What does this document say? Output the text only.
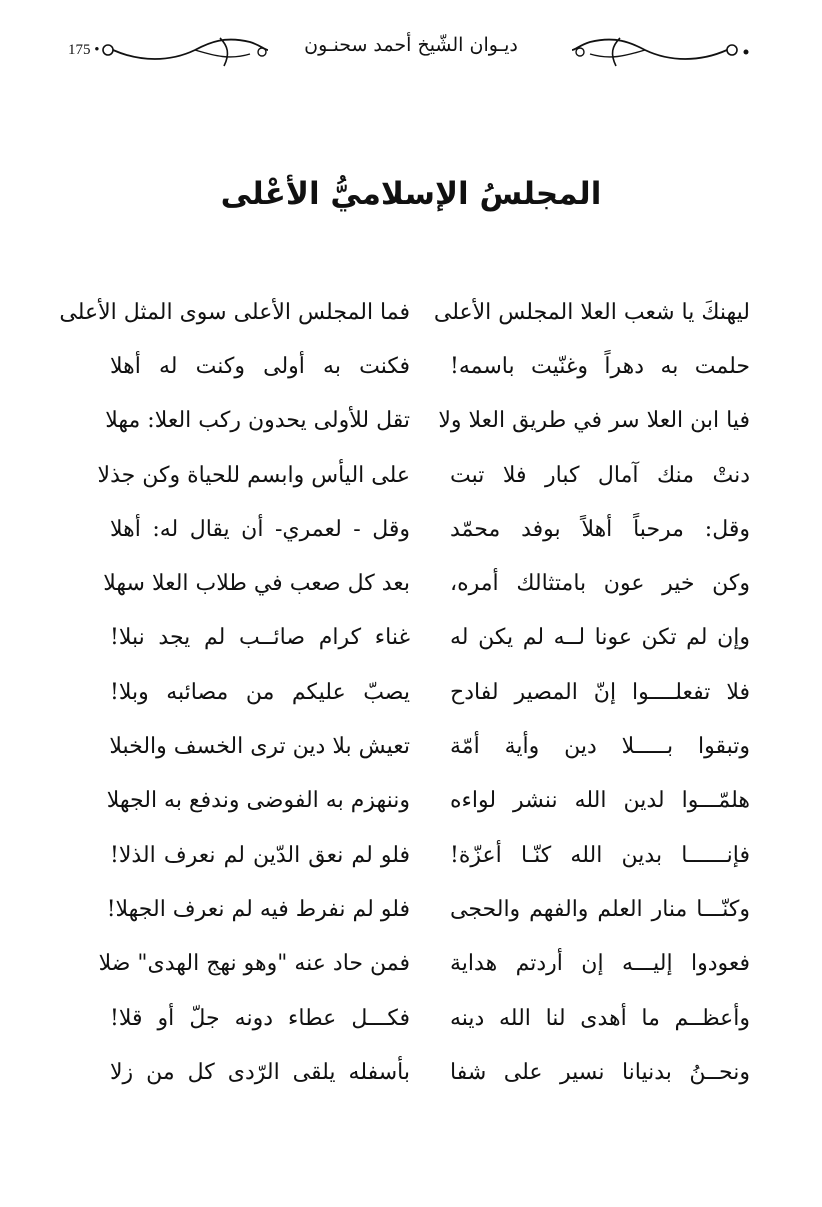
175 •	ديـوان الشّيخ أحمد سحنـون
المجلسُ الإسلاميُّ الأعْلى
ليهنكَ يا شعب العلا المجلس الأعلى
فما المجلس الأعلى سوى المثل الأعلى
حلمت به دهراً وغنّيت باسمه!
فكنت به أولى وكنت له أهلا
فيا ابن العلا سر في طريق العلا ولا
تقل للأولى يحدون ركب العلا: مهلا
دنتْ منك آمال كبار فلا تبت
على اليأس وابسم للحياة وكن جذلا
وقل: مرحباً أهلاً بوفد محمّد
وقل - لعمري- أن يقال له: أهلا
وكن خير عون بامتثالك أمره،
بعد كل صعب في طلاب العلا سهلا
وإن لم تكن عونا لــه لم يكن له
غناء كرام صائــب لم يجد نبلا!
فلا تفعلــــوا إنّ المصير لفادح
يصبّ عليكم من مصائبه وبلا!
وتبقوا بـــــلا دين وأية أمّة
تعيش بلا دين ترى الخسف والخبلا
هلمّـــوا لدين الله ننشر لواءه
وننهزم به الفوضى وندفع به الجهلا
فإنــــــا بدين الله كنّـا أعزّة!
فلو لم نعق الدّين لم نعرف الذلا!
وكنّـــا منار العلم والفهم والحجى
فلو لم نفرط فيه لم نعرف الجهلا!
فعودوا إليـــه إن أردتم هداية
فمن حاد عنه "وهو نهج الهدى" ضلا
وأعظــم ما أهدى لنا الله دينه
فكـــل عطاء دونه جلّ أو قلا!
ونحــنُ بدنيانا نسير على شفا
بأسفله يلقى الرّدى كل من زلا
